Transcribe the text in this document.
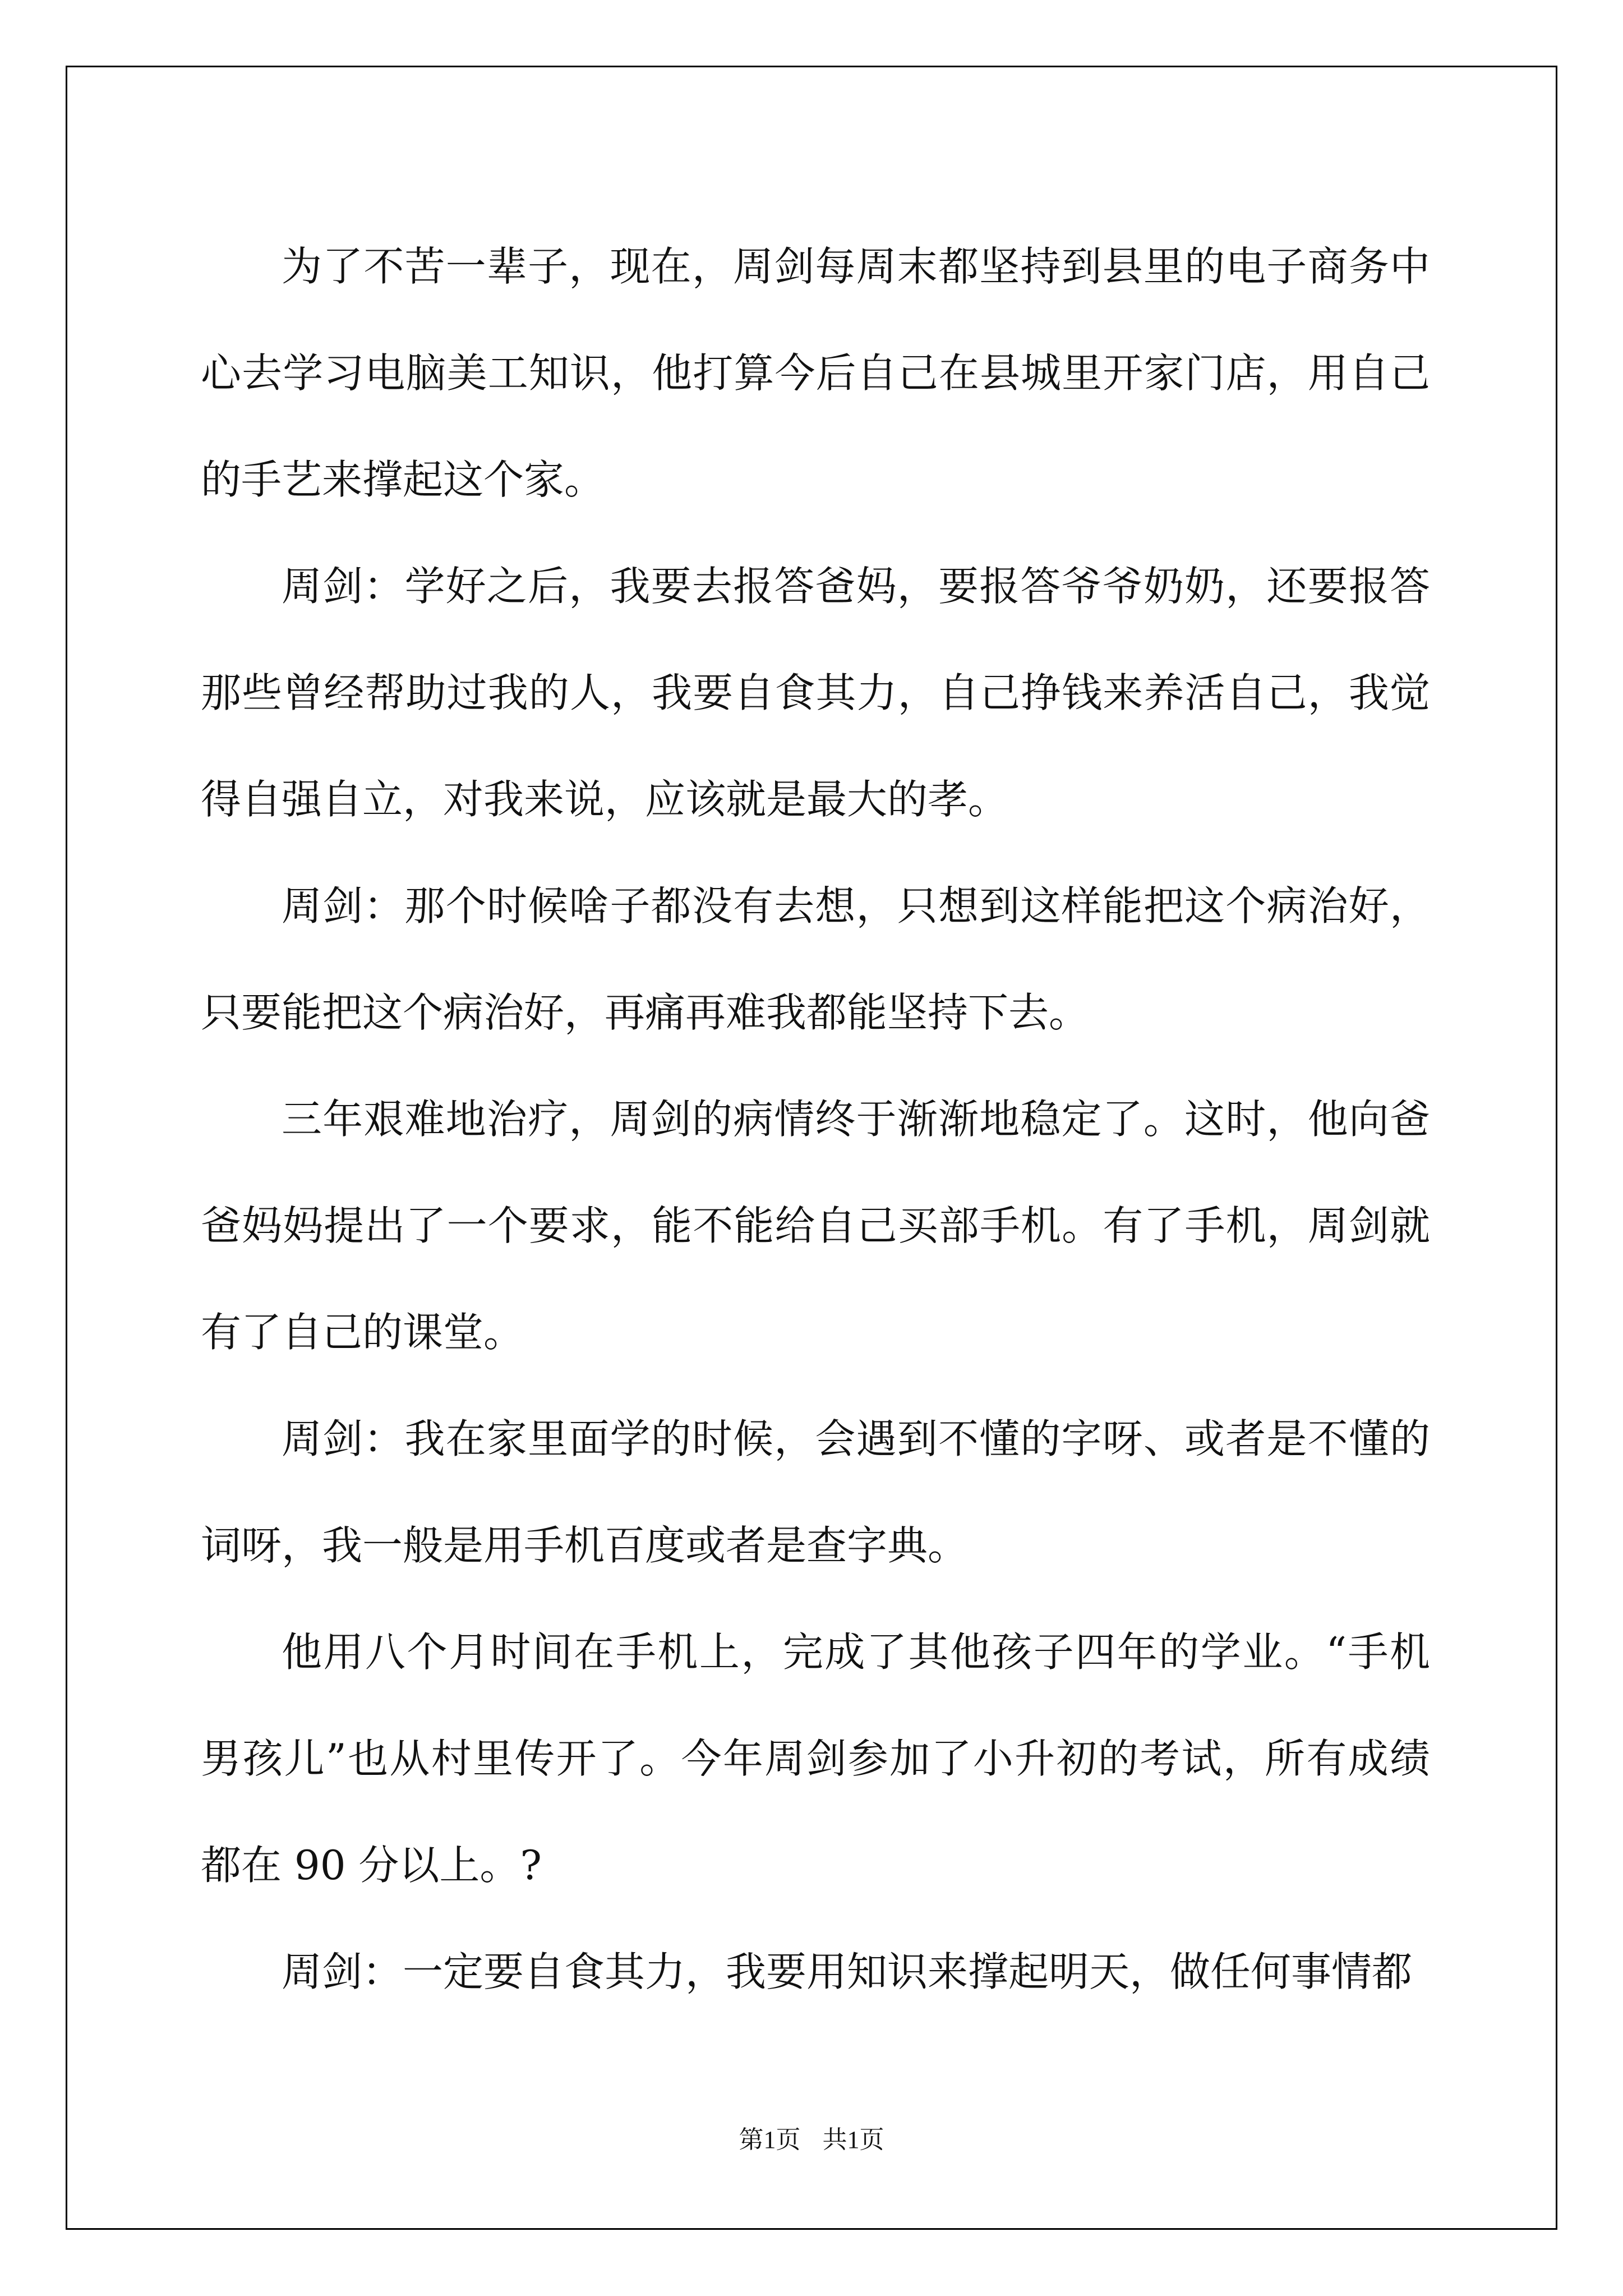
为了不苦一辈子，现在，周剑每周末都坚持到县里的电子商务中心去学习电脑美工知识，他打算今后自己在县城里开家门店，用自己的手艺来撑起这个家。

周剑：学好之后，我要去报答爸妈，要报答爷爷奶奶，还要报答那些曾经帮助过我的人，我要自食其力，自己挣钱来养活自己，我觉得自强自立，对我来说，应该就是最大的孝。

周剑：那个时候啥子都没有去想，只想到这样能把这个病治好，只要能把这个病治好，再痛再难我都能坚持下去。

三年艰难地治疗，周剑的病情终于渐渐地稳定了。这时，他向爸爸妈妈提出了一个要求，能不能给自己买部手机。有了手机，周剑就有了自己的课堂。

周剑：我在家里面学的时候，会遇到不懂的字呀、或者是不懂的词呀，我一般是用手机百度或者是查字典。

他用八个月时间在手机上，完成了其他孩子四年的学业。“手机男孩儿”也从村里传开了。今年周剑参加了小升初的考试，所有成绩都在 90 分以上。?

周剑：一定要自食其力，我要用知识来撑起明天，做任何事情都

第1页 共1页
